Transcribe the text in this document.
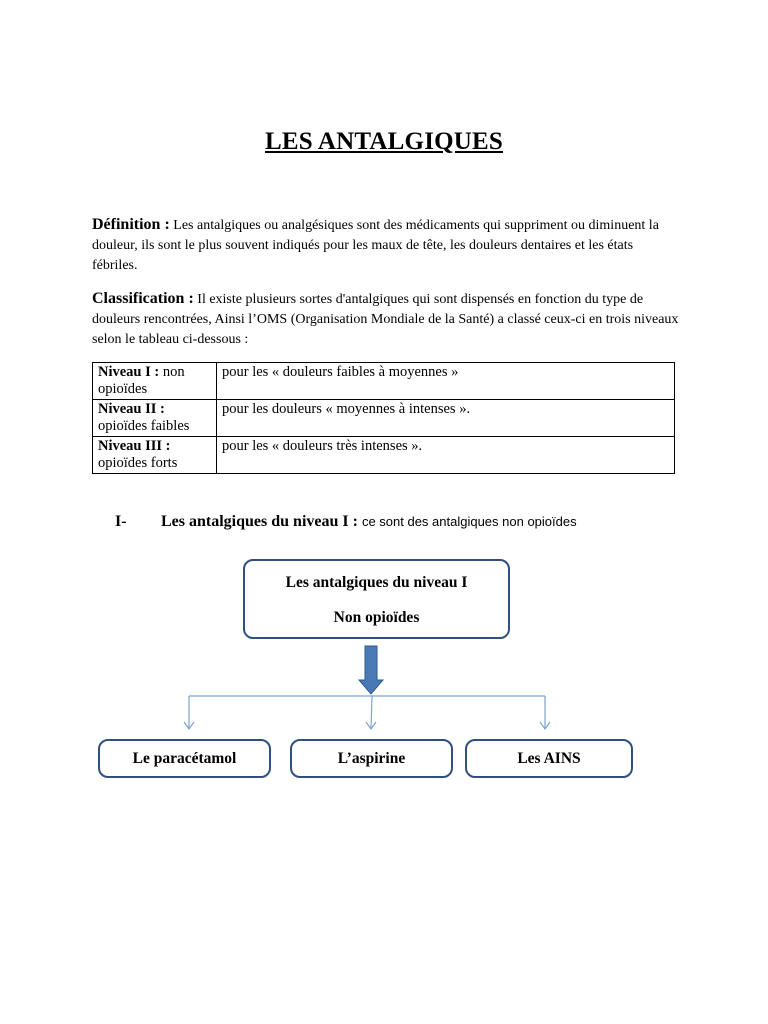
LES ANTALGIQUES
Définition : Les antalgiques ou analgésiques sont des médicaments qui suppriment ou diminuent la douleur, ils sont le plus souvent indiqués pour les maux de tête, les douleurs dentaires et les états fébriles.
Classification : Il existe plusieurs sortes d'antalgiques qui sont dispensés en fonction du type de douleurs rencontrées, Ainsi l’OMS (Organisation Mondiale de la Santé) a classé ceux-ci en trois niveaux selon le tableau ci-dessous :
Niveau I : non opioïdes	pour les « douleurs faibles à moyennes »
Niveau II : opioïdes faibles	pour les douleurs « moyennes à intenses ».
Niveau III : opioïdes forts	pour les « douleurs très intenses ».
I- Les antalgiques du niveau I : ce sont des antalgiques non opioïdes
Les antalgiques du niveau I
Non opioïdes
Le paracétamol	L’aspirine	Les AINS
